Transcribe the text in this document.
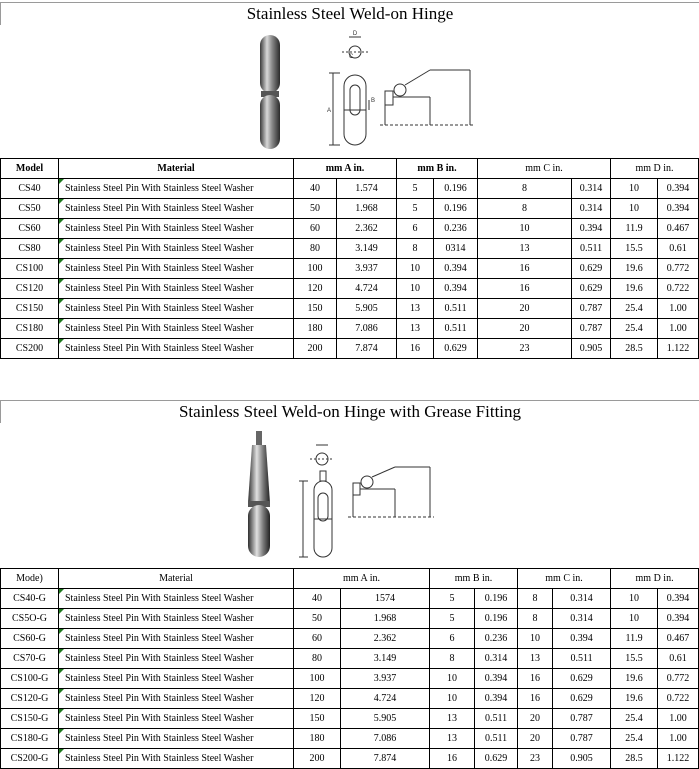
Stainless Steel Weld-on Hinge
D
C
A
B
Model	Material	mm A in.		mm B in.		mm C in.		mm D in.	
CS40	Stainless Steel Pin With Stainless Steel Washer	40	1.574	5	0.196	8	0.314	10	0.394
CS50	Stainless Steel Pin With Stainless Steel Washer	50	1.968	5	0.196	8	0.314	10	0.394
CS60	Stainless Steel Pin With Stainless Steel Washer	60	2.362	6	0.236	10	0.394	11.9	0.467
CS80	Stainless Steel Pin With Stainless Steel Washer	80	3.149	8	0314	13	0.511	15.5	0.61
CS100	Stainless Steel Pin With Stainless Steel Washer	100	3.937	10	0.394	16	0.629	19.6	0.772
CS120	Stainless Steel Pin With Stainless Steel Washer	120	4.724	10	0.394	16	0.629	19.6	0.722
CS150	Stainless Steel Pin With Stainless Steel Washer	150	5.905	13	0.511	20	0.787	25.4	1.00
CS180	Stainless Steel Pin With Stainless Steel Washer	180	7.086	13	0.511	20	0.787	25.4	1.00
CS200	Stainless Steel Pin With Stainless Steel Washer	200	7.874	16	0.629	23	0.905	28.5	1.122
Stainless Steel Weld-on Hinge with Grease Fitting
Mode)	Material	mm A in.		mm B in.		mm C in.		mm D in.	
CS40-G	Stainless Steel Pin With Stainless Steel Washer	40	1574	5	0.196	8	0.314	10	0.394
CS5O-G	Stainless Steel Pin With Stainless Steel Washer	50	1.968	5	0.196	8	0.314	10	0.394
CS60-G	Stainless Steel Pin With Stainless Steel Washer	60	2.362	6	0.236	10	0.394	11.9	0.467
CS70-G	Stainless Steel Pin With Stainless Steel Washer	80	3.149	8	0.314	13	0.511	15.5	0.61
CS100-G	Stainless Steel Pin With Stainless Steel Washer	100	3.937	10	0.394	16	0.629	19.6	0.772
CS120-G	Stainless Steel Pin With Stainless Steel Washer	120	4.724	10	0.394	16	0.629	19.6	0.722
CS150-G	Stainless Steel Pin With Stainless Steel Washer	150	5.905	13	0.511	20	0.787	25.4	1.00
CS180-G	Stainless Steel Pin With Stainless Steel Washer	180	7.086	13	0.511	20	0.787	25.4	1.00
CS200-G	Stainless Steel Pin With Stainless Steel Washer	200	7.874	16	0.629	23	0.905	28.5	1.122
